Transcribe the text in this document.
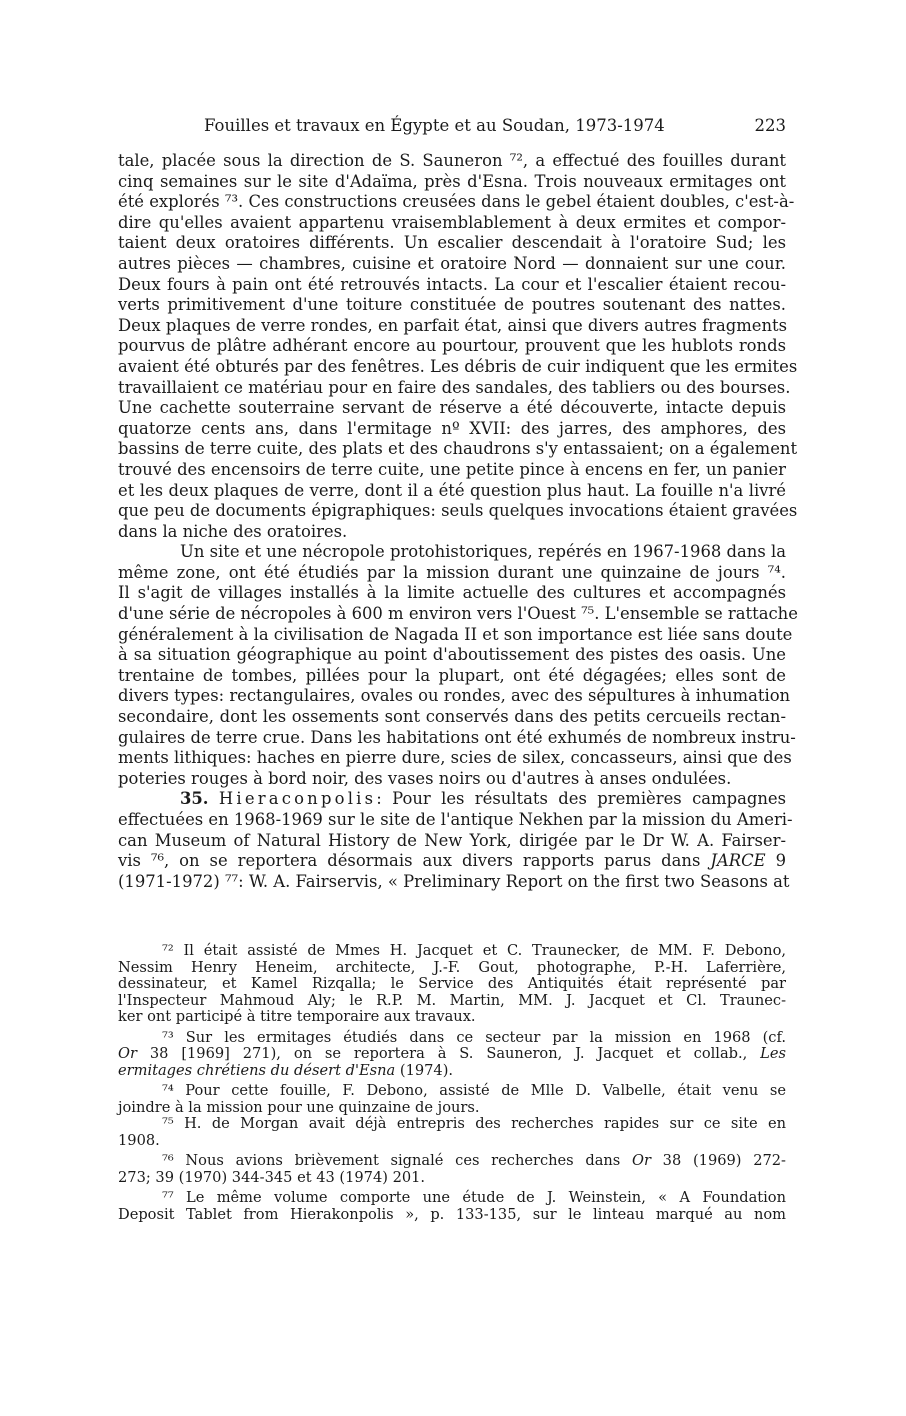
Fouilles et travaux en Égypte et au Soudan, 1973-1974	223
tale, placée sous la direction de S. Sauneron ⁷², a effectué des fouilles durant
cinq semaines sur le site d'Adaïma, près d'Esna. Trois nouveaux ermitages ont
été explorés ⁷³. Ces constructions creusées dans le gebel étaient doubles, c'est-à-
dire qu'elles avaient appartenu vraisemblablement à deux ermites et compor-
taient deux oratoires différents. Un escalier descendait à l'oratoire Sud; les
autres pièces — chambres, cuisine et oratoire Nord — donnaient sur une cour.
Deux fours à pain ont été retrouvés intacts. La cour et l'escalier étaient recou-
verts primitivement d'une toiture constituée de poutres soutenant des nattes.
Deux plaques de verre rondes, en parfait état, ainsi que divers autres fragments
pourvus de plâtre adhérant encore au pourtour, prouvent que les hublots ronds
avaient été obturés par des fenêtres. Les débris de cuir indiquent que les ermites
travaillaient ce matériau pour en faire des sandales, des tabliers ou des bourses.
Une cachette souterraine servant de réserve a été découverte, intacte depuis
quatorze cents ans, dans l'ermitage nº XVII: des jarres, des amphores, des
bassins de terre cuite, des plats et des chaudrons s'y entassaient; on a également
trouvé des encensoirs de terre cuite, une petite pince à encens en fer, un panier
et les deux plaques de verre, dont il a été question plus haut. La fouille n'a livré
que peu de documents épigraphiques: seuls quelques invocations étaient gravées
dans la niche des oratoires.
Un site et une nécropole protohistoriques, repérés en 1967-1968 dans la
même zone, ont été étudiés par la mission durant une quinzaine de jours ⁷⁴.
Il s'agit de villages installés à la limite actuelle des cultures et accompagnés
d'une série de nécropoles à 600 m environ vers l'Ouest ⁷⁵. L'ensemble se rattache
généralement à la civilisation de Nagada II et son importance est liée sans doute
à sa situation géographique au point d'aboutissement des pistes des oasis. Une
trentaine de tombes, pillées pour la plupart, ont été dégagées; elles sont de
divers types: rectangulaires, ovales ou rondes, avec des sépultures à inhumation
secondaire, dont les ossements sont conservés dans des petits cercueils rectan-
gulaires de terre crue. Dans les habitations ont été exhumés de nombreux instru-
ments lithiques: haches en pierre dure, scies de silex, concasseurs, ainsi que des
poteries rouges à bord noir, des vases noirs ou d'autres à anses ondulées.
35. Hieraconpolis: Pour les résultats des premières campagnes
effectuées en 1968-1969 sur le site de l'antique Nekhen par la mission du Ameri-
can Museum of Natural History de New York, dirigée par le Dr W. A. Fairser-
vis ⁷⁶, on se reportera désormais aux divers rapports parus dans JARCE 9
(1971-1972) ⁷⁷: W. A. Fairservis, « Preliminary Report on the first two Seasons at
⁷² Il était assisté de Mmes H. Jacquet et C. Traunecker, de MM. F. Debono,
Nessim Henry Heneim, architecte, J.-F. Gout, photographe, P.-H. Laferrière,
dessinateur, et Kamel Rizqalla; le Service des Antiquités était représenté par
l'Inspecteur Mahmoud Aly; le R.P. M. Martin, MM. J. Jacquet et Cl. Traunec-
ker ont participé à titre temporaire aux travaux.
⁷³ Sur les ermitages étudiés dans ce secteur par la mission en 1968 (cf.
Or 38 [1969] 271), on se reportera à S. Sauneron, J. Jacquet et collab., Les
ermitages chrétiens du désert d'Esna (1974).
⁷⁴ Pour cette fouille, F. Debono, assisté de Mlle D. Valbelle, était venu se
joindre à la mission pour une quinzaine de jours.
⁷⁵ H. de Morgan avait déjà entrepris des recherches rapides sur ce site en
1908.
⁷⁶ Nous avions brièvement signalé ces recherches dans Or 38 (1969) 272-
273; 39 (1970) 344-345 et 43 (1974) 201.
⁷⁷ Le même volume comporte une étude de J. Weinstein, « A Foundation
Deposit Tablet from Hierakonpolis », p. 133-135, sur le linteau marqué au nom
